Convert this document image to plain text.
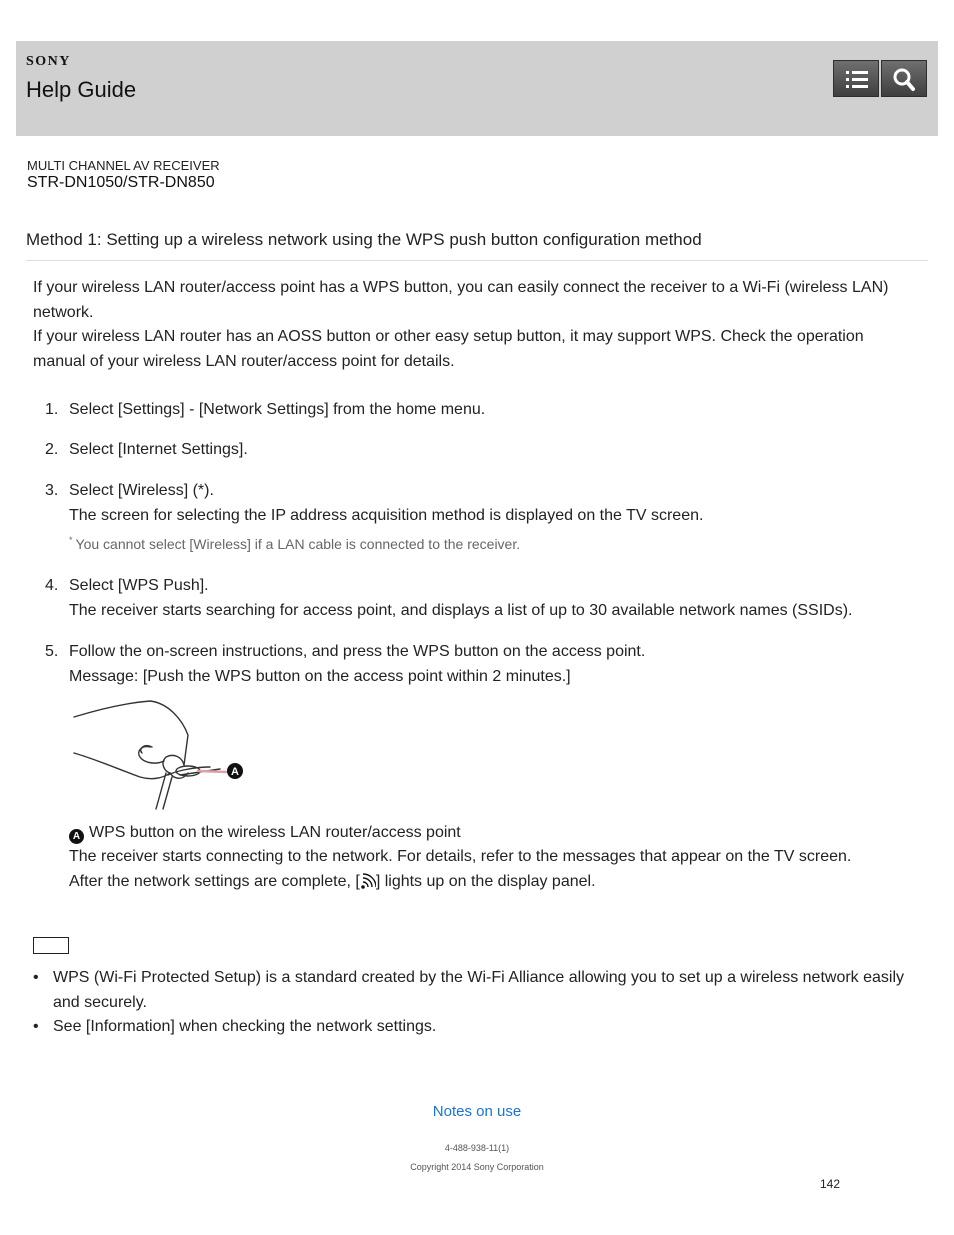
SONY
Help Guide
MULTI CHANNEL AV RECEIVER
STR-DN1050/STR-DN850
Method 1: Setting up a wireless network using the WPS push button configuration method

If your wireless LAN router/access point has a WPS button, you can easily connect the receiver to a Wi-Fi (wireless LAN) network.

If your wireless LAN router has an AOSS button or other easy setup button, it may support WPS. Check the operation manual of your wireless LAN router/access point for details.

1. Select [Settings] - [Network Settings] from the home menu.
2. Select [Internet Settings].
3. Select [Wireless] (*).
The screen for selecting the IP address acquisition method is displayed on the TV screen.
* You cannot select [Wireless] if a LAN cable is connected to the receiver.
4. Select [WPS Push].
The receiver starts searching for access point, and displays a list of up to 30 available network names (SSIDs).
5. Follow the on-screen instructions, and press the WPS button on the access point.
Message: [Push the WPS button on the access point within 2 minutes.]
A
A WPS button on the wireless LAN router/access point

The receiver starts connecting to the network. For details, refer to the messages that appear on the TV screen.

After the network settings are complete, [ ] lights up on the display panel.

• WPS (Wi-Fi Protected Setup) is a standard created by the Wi-Fi Alliance allowing you to set up a wireless network easily and securely.
• See [Information] when checking the network settings.
Notes on use
4-488-938-11(1)
Copyright 2014 Sony Corporation
142
